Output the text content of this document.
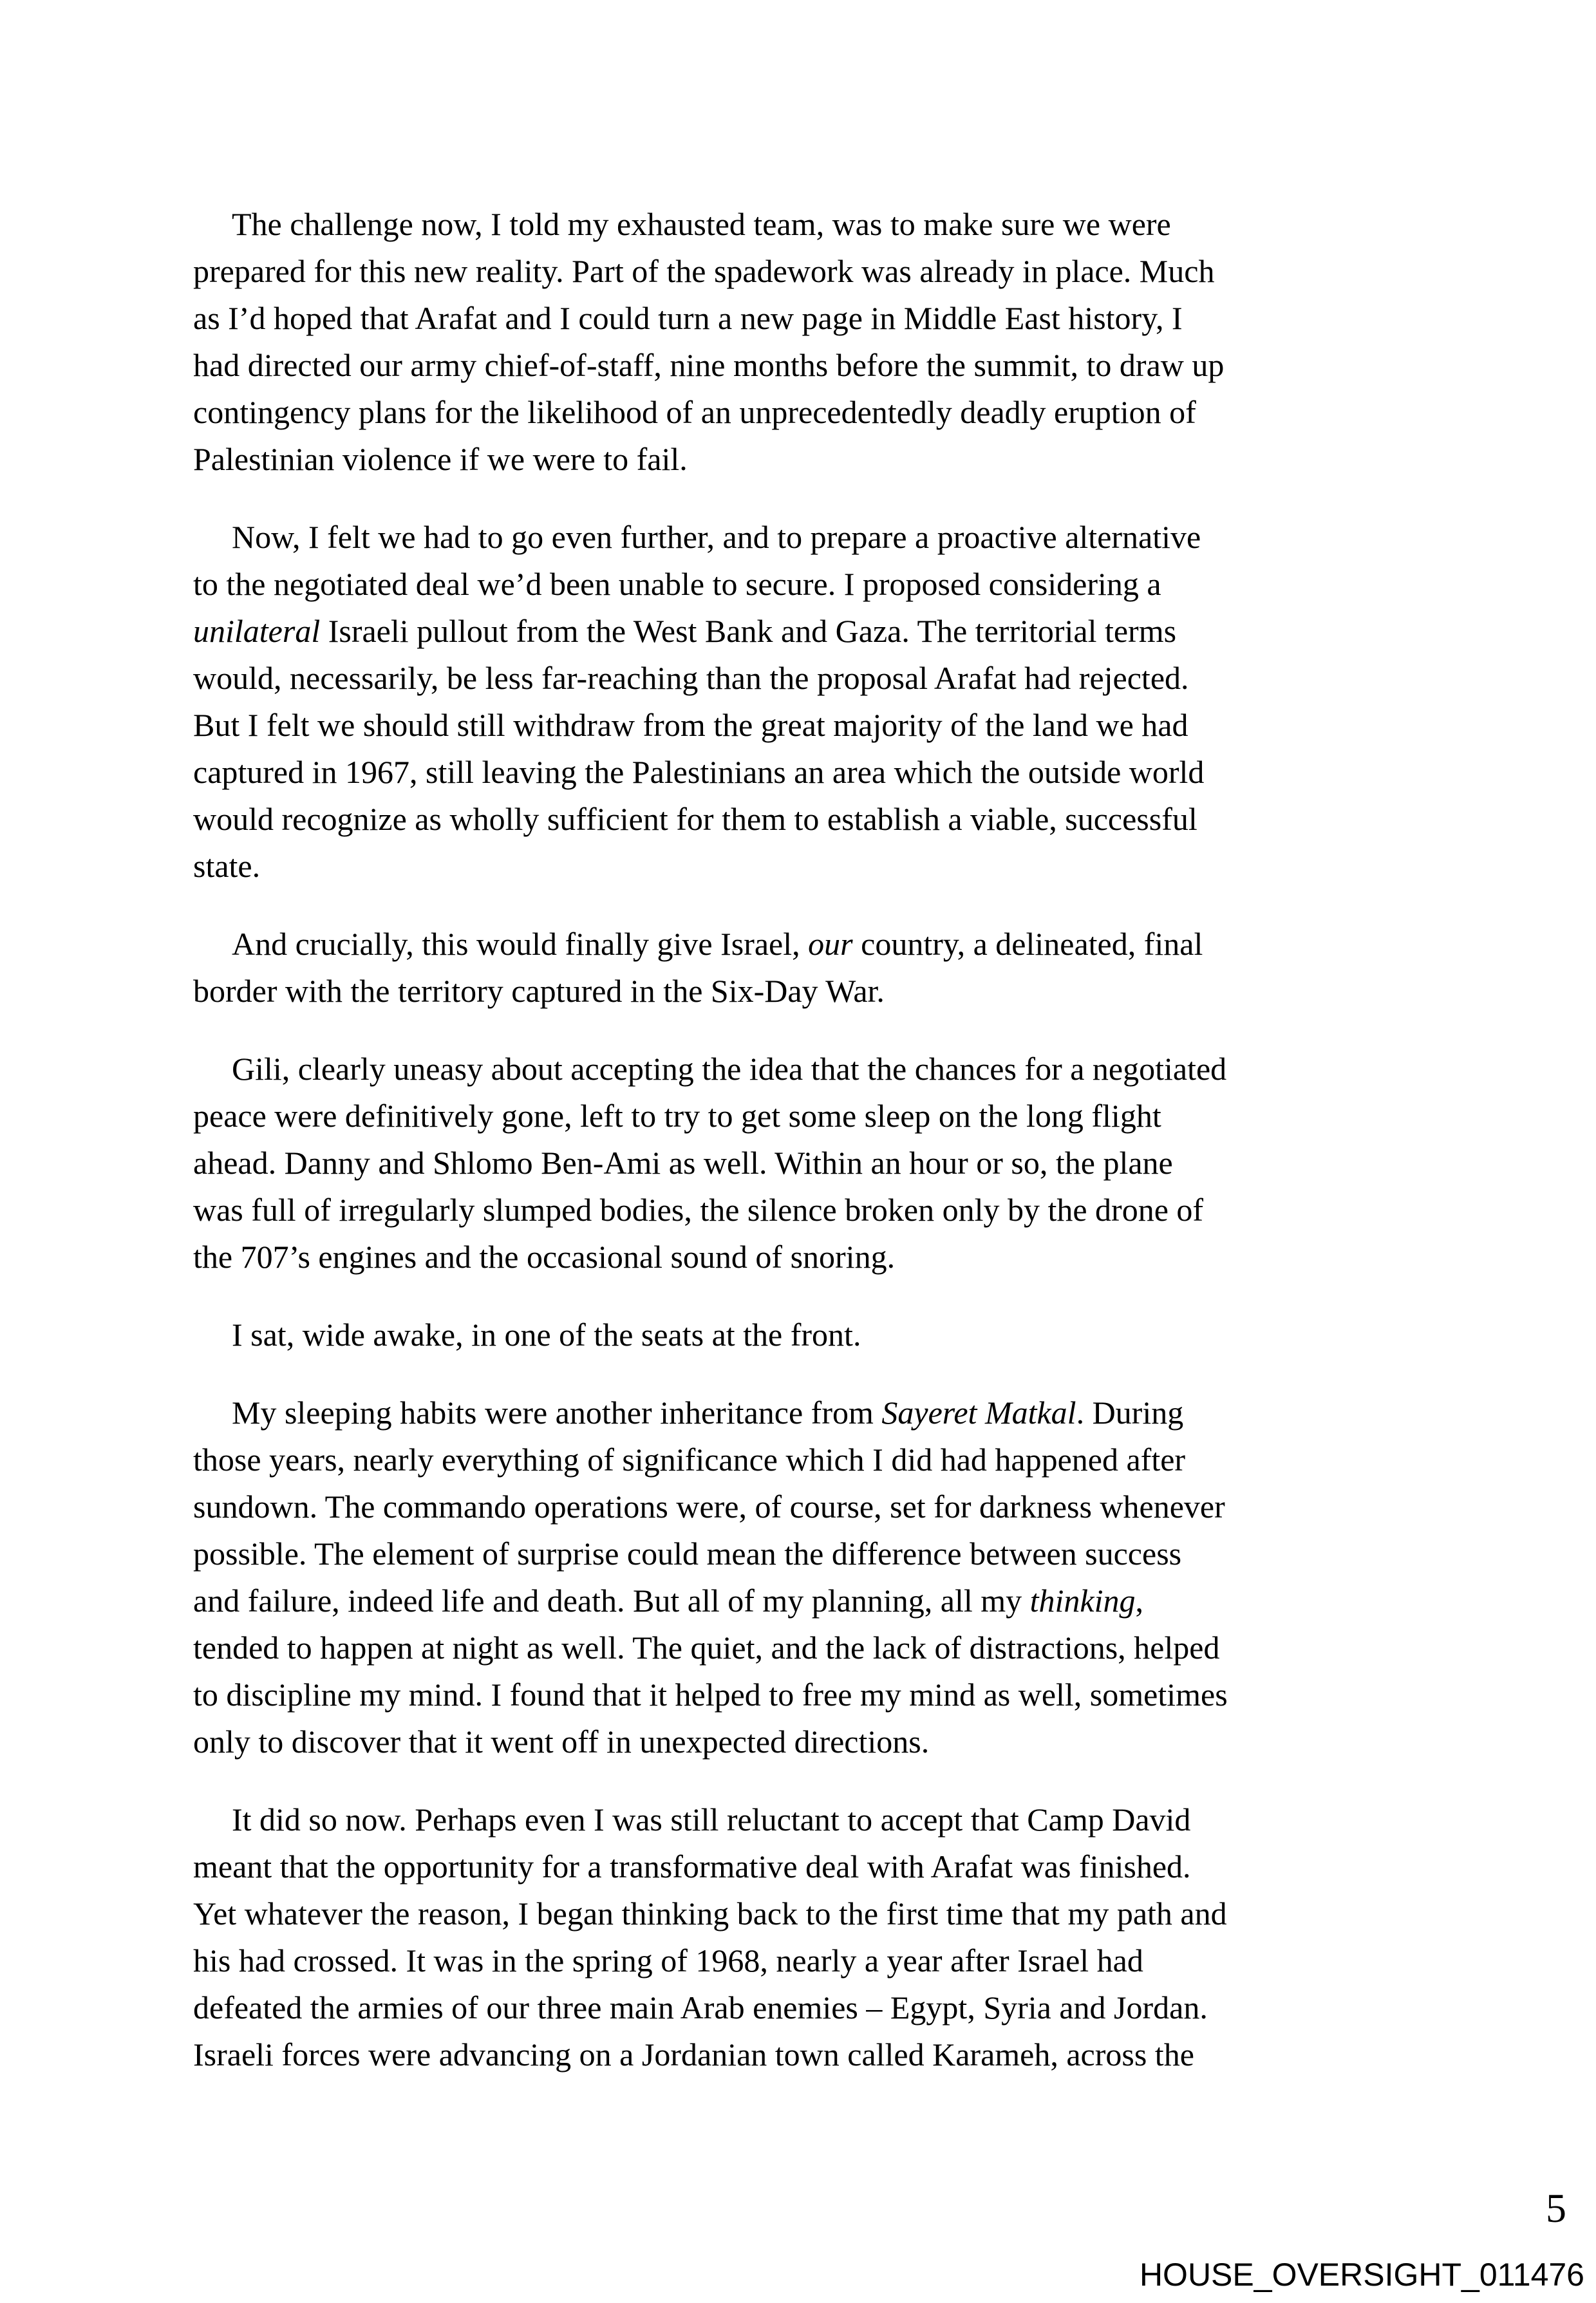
The challenge now, I told my exhausted team, was to make sure we were
prepared for this new reality. Part of the spadework was already in place. Much
as I’d hoped that Arafat and I could turn a new page in Middle East history, I
had directed our army chief-of-staff, nine months before the summit, to draw up
contingency plans for the likelihood of an unprecedentedly deadly eruption of
Palestinian violence if we were to fail.

Now, I felt we had to go even further, and to prepare a proactive alternative
to the negotiated deal we’d been unable to secure. I proposed considering a
unilateral Israeli pullout from the West Bank and Gaza. The territorial terms
would, necessarily, be less far-reaching than the proposal Arafat had rejected.
But I felt we should still withdraw from the great majority of the land we had
captured in 1967, still leaving the Palestinians an area which the outside world
would recognize as wholly sufficient for them to establish a viable, successful
state.

And crucially, this would finally give Israel, our country, a delineated, final
border with the territory captured in the Six-Day War.

Gili, clearly uneasy about accepting the idea that the chances for a negotiated
peace were definitively gone, left to try to get some sleep on the long flight
ahead. Danny and Shlomo Ben-Ami as well. Within an hour or so, the plane
was full of irregularly slumped bodies, the silence broken only by the drone of
the 707’s engines and the occasional sound of snoring.

I sat, wide awake, in one of the seats at the front.

My sleeping habits were another inheritance from Sayeret Matkal. During
those years, nearly everything of significance which I did had happened after
sundown. The commando operations were, of course, set for darkness whenever
possible. The element of surprise could mean the difference between success
and failure, indeed life and death. But all of my planning, all my thinking,
tended to happen at night as well. The quiet, and the lack of distractions, helped
to discipline my mind. I found that it helped to free my mind as well, sometimes
only to discover that it went off in unexpected directions.

It did so now. Perhaps even I was still reluctant to accept that Camp David
meant that the opportunity for a transformative deal with Arafat was finished.
Yet whatever the reason, I began thinking back to the first time that my path and
his had crossed. It was in the spring of 1968, nearly a year after Israel had
defeated the armies of our three main Arab enemies – Egypt, Syria and Jordan.
Israeli forces were advancing on a Jordanian town called Karameh, across the

5
HOUSE_OVERSIGHT_011476
